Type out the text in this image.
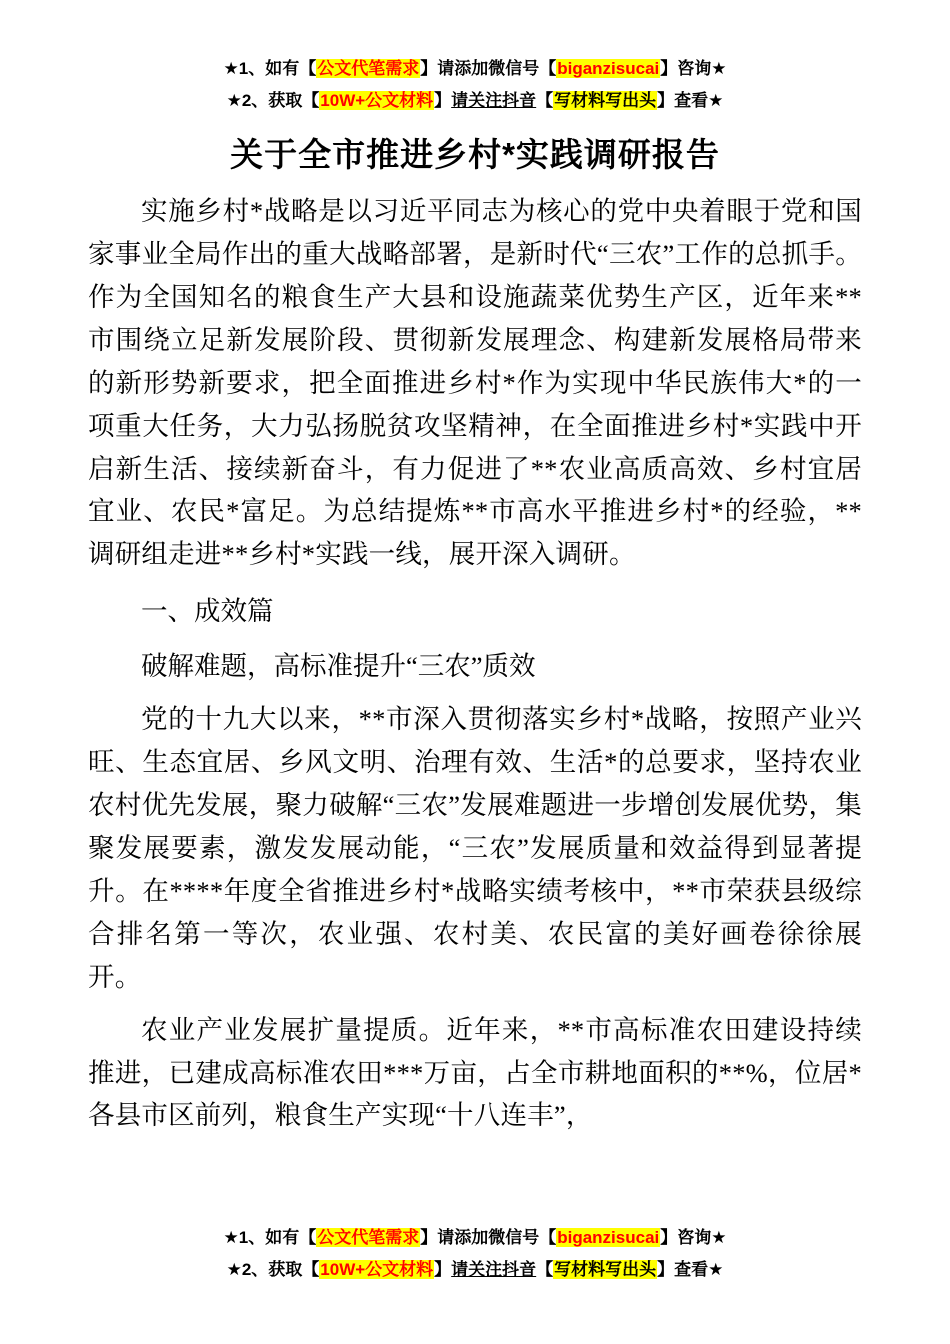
★1、如有【公文代笔需求】请添加微信号【biganzisucai】咨询★
★2、获取【10W+公文材料】请关注抖音【写材料写出头】查看★
关于全市推进乡村*实践调研报告

实施乡村*战略是以习近平同志为核心的党中央着眼于党和国家事业全局作出的重大战略部署，是新时代“三农”工作的总抓手。作为全国知名的粮食生产大县和设施蔬菜优势生产区，近年来**市围绕立足新发展阶段、贯彻新发展理念、构建新发展格局带来的新形势新要求，把全面推进乡村*作为实现中华民族伟大*的一项重大任务，大力弘扬脱贫攻坚精神，在全面推进乡村*实践中开启新生活、接续新奋斗，有力促进了**农业高质高效、乡村宜居宜业、农民*富足。为总结提炼**市高水平推进乡村*的经验，**调研组走进**乡村*实践一线，展开深入调研。

一、成效篇

破解难题，高标准提升“三农”质效

党的十九大以来，**市深入贯彻落实乡村*战略，按照产业兴旺、生态宜居、乡风文明、治理有效、生活*的总要求，坚持农业农村优先发展，聚力破解“三农”发展难题进一步增创发展优势，集聚发展要素，激发发展动能，“三农”发展质量和效益得到显著提升。在****年度全省推进乡村*战略实绩考核中，**市荣获县级综合排名第一等次，农业强、农村美、农民富的美好画卷徐徐展开。

农业产业发展扩量提质。近年来，**市高标准农田建设持续推进，已建成高标准农田***万亩，占全市耕地面积的**%，位居*各县市区前列，粮食生产实现“十八连丰”，

★1、如有【公文代笔需求】请添加微信号【biganzisucai】咨询★
★2、获取【10W+公文材料】请关注抖音【写材料写出头】查看★
